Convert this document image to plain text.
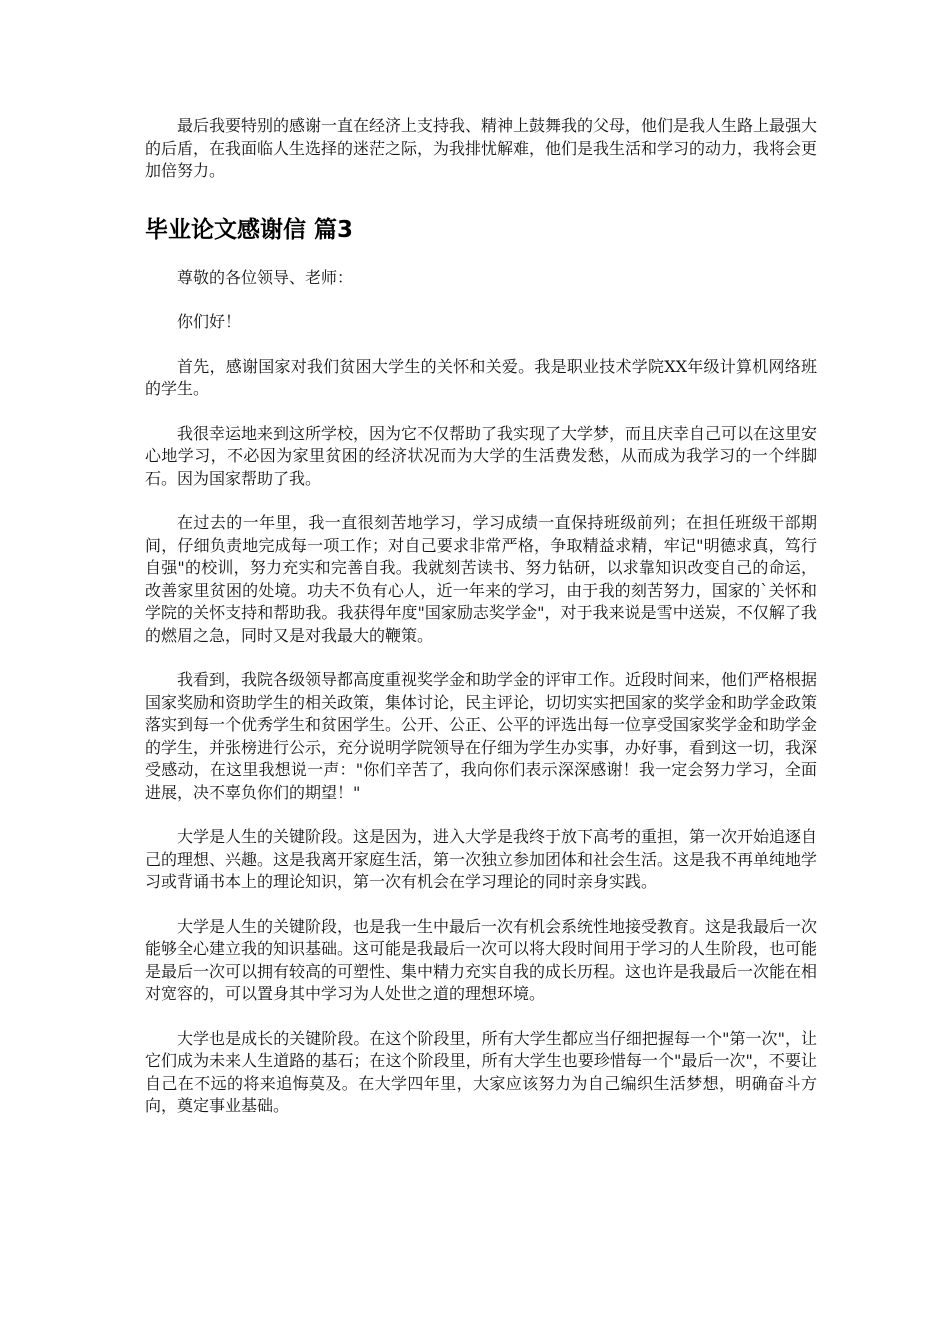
最后我要特别的感谢一直在经济上支持我、精神上鼓舞我的父母，他们是我人生路上最强大的后盾，在我面临人生选择的迷茫之际，为我排忧解难，他们是我生活和学习的动力，我将会更加倍努力。

毕业论文感谢信 篇3

尊敬的各位领导、老师：

你们好！

首先，感谢国家对我们贫困大学生的关怀和关爱。我是职业技术学院XX年级计算机网络班的学生。

我很幸运地来到这所学校，因为它不仅帮助了我实现了大学梦，而且庆幸自己可以在这里安心地学习，不必因为家里贫困的经济状况而为大学的生活费发愁，从而成为我学习的一个绊脚石。因为国家帮助了我。

在过去的一年里，我一直很刻苦地学习，学习成绩一直保持班级前列；在担任班级干部期间，仔细负责地完成每一项工作；对自己要求非常严格，争取精益求精，牢记"明德求真，笃行自强"的校训，努力充实和完善自我。我就刻苦读书、努力钻研，以求靠知识改变自己的命运，改善家里贫困的处境。功夫不负有心人，近一年来的学习，由于我的刻苦努力，国家的`关怀和学院的关怀支持和帮助我。我获得年度"国家励志奖学金"，对于我来说是雪中送炭，不仅解了我的燃眉之急，同时又是对我最大的鞭策。

我看到，我院各级领导都高度重视奖学金和助学金的评审工作。近段时间来，他们严格根据国家奖励和资助学生的相关政策，集体讨论，民主评论，切切实实把国家的奖学金和助学金政策落实到每一个优秀学生和贫困学生。公开、公正、公平的评选出每一位享受国家奖学金和助学金的学生，并张榜进行公示，充分说明学院领导在仔细为学生办实事，办好事，看到这一切，我深受感动，在这里我想说一声："你们辛苦了，我向你们表示深深感谢！我一定会努力学习，全面进展，决不辜负你们的期望！"

大学是人生的关键阶段。这是因为，进入大学是我终于放下高考的重担，第一次开始追逐自己的理想、兴趣。这是我离开家庭生活，第一次独立参加团体和社会生活。这是我不再单纯地学习或背诵书本上的理论知识，第一次有机会在学习理论的同时亲身实践。

大学是人生的关键阶段，也是我一生中最后一次有机会系统性地接受教育。这是我最后一次能够全心建立我的知识基础。这可能是我最后一次可以将大段时间用于学习的人生阶段，也可能是最后一次可以拥有较高的可塑性、集中精力充实自我的成长历程。这也许是我最后一次能在相对宽容的，可以置身其中学习为人处世之道的理想环境。

大学也是成长的关键阶段。在这个阶段里，所有大学生都应当仔细把握每一个"第一次"，让它们成为未来人生道路的基石；在这个阶段里，所有大学生也要珍惜每一个"最后一次"，不要让自己在不远的将来追悔莫及。在大学四年里，大家应该努力为自己编织生活梦想，明确奋斗方向，奠定事业基础。
